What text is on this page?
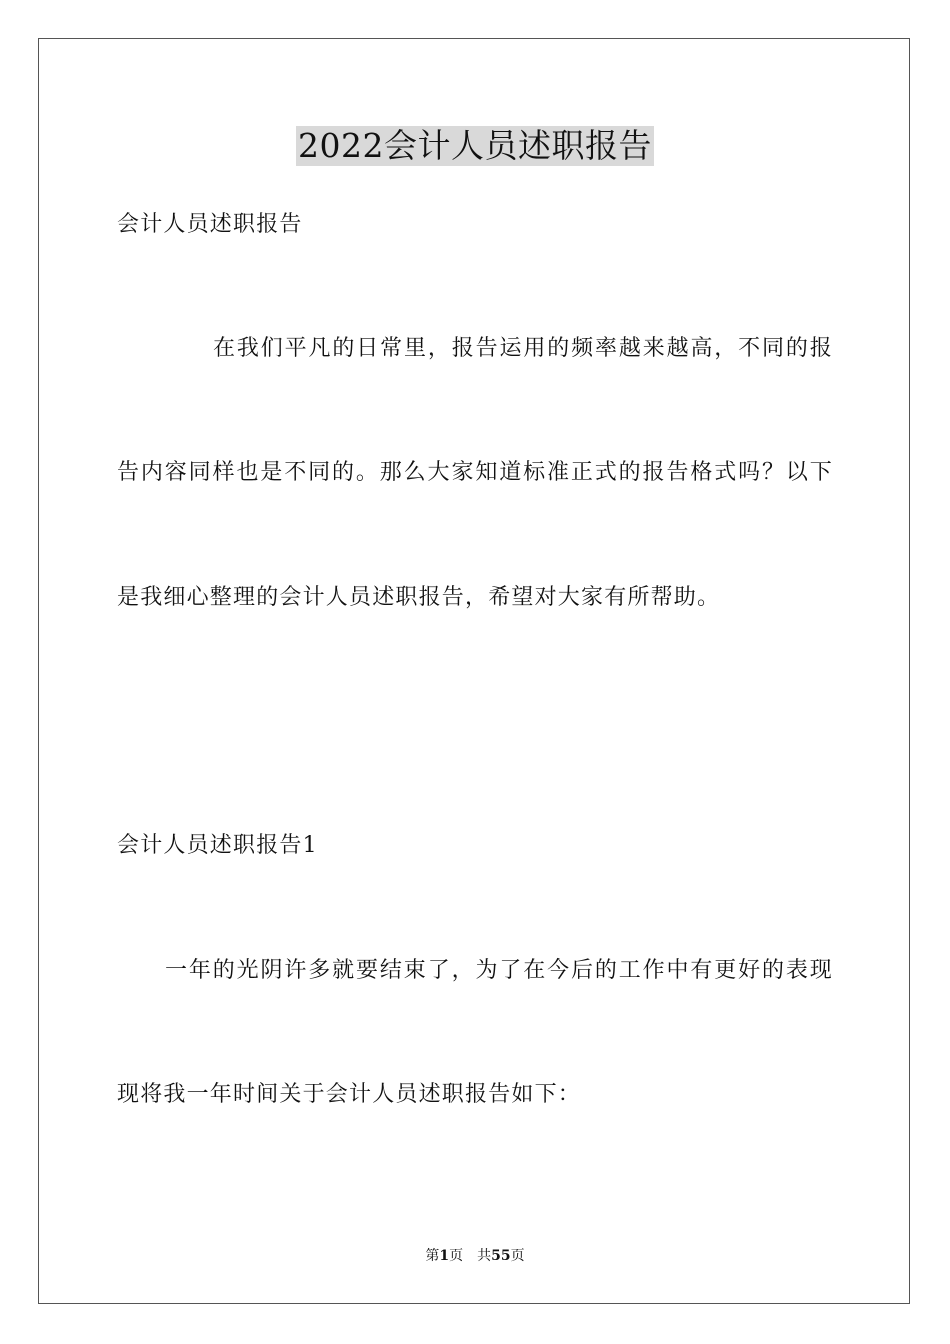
2022会计人员述职报告
会计人员述职报告
在我们平凡的日常里，报告运用的频率越来越高，不同的报
告内容同样也是不同的。那么大家知道标准正式的报告格式吗？以下
是我细心整理的会计人员述职报告，希望对大家有所帮助。
会计人员述职报告1
一年的光阴许多就要结束了，为了在今后的工作中有更好的表现
现将我一年时间关于会计人员述职报告如下：
第1页 共55页
